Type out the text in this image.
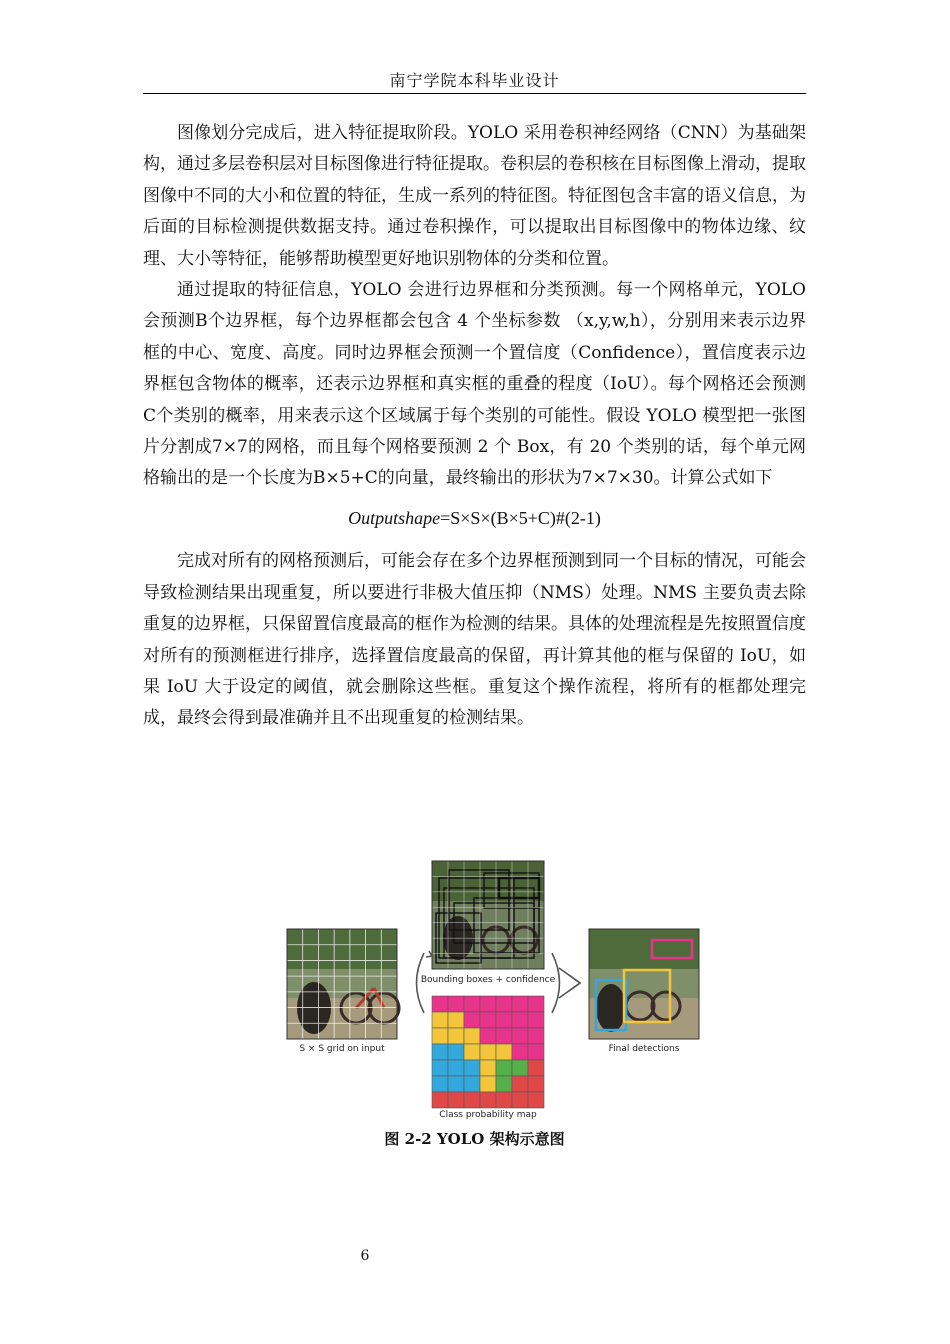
南宁学院本科毕业设计

图像划分完成后，进入特征提取阶段。YOLO 采用卷积神经网络（CNN）为基础架构，通过多层卷积层对目标图像进行特征提取。卷积层的卷积核在目标图像上滑动，提取图像中不同的大小和位置的特征，生成一系列的特征图。特征图包含丰富的语义信息，为后面的目标检测提供数据支持。通过卷积操作，可以提取出目标图像中的物体边缘、纹理、大小等特征，能够帮助模型更好地识别物体的分类和位置。

通过提取的特征信息，YOLO 会进行边界框和分类预测。每一个网格单元，YOLO 会预测B个边界框，每个边界框都会包含 4 个坐标参数 （x,y,w,h），分别用来表示边界框的中心、宽度、高度。同时边界框会预测一个置信度（Confidence），置信度表示边界框包含物体的概率，还表示边界框和真实框的重叠的程度（IoU）。每个网格还会预测C个类别的概率，用来表示这个区域属于每个类别的可能性。假设 YOLO 模型把一张图片分割成7×7的网格，而且每个网格要预测 2 个 Box，有 20 个类别的话，每个单元网格输出的是一个长度为B×5+C的向量，最终输出的形状为7×7×30。计算公式如下

Outputshape=S×S×(B×5+C)#(2-1)

完成对所有的网格预测后，可能会存在多个边界框预测到同一个目标的情况，可能会导致检测结果出现重复，所以要进行非极大值压抑（NMS）处理。NMS 主要负责去除重复的边界框，只保留置信度最高的框作为检测的结果。具体的处理流程是先按照置信度对所有的预测框进行排序，选择置信度最高的保留，再计算其他的框与保留的 IoU，如果 IoU 大于设定的阈值，就会删除这些框。重复这个操作流程，将所有的框都处理完成，最终会得到最准确并且不出现重复的检测结果。

S × S grid on input
Bounding boxes + confidence
Class probability map
Final detections
图 2-2 YOLO 架构示意图
6
